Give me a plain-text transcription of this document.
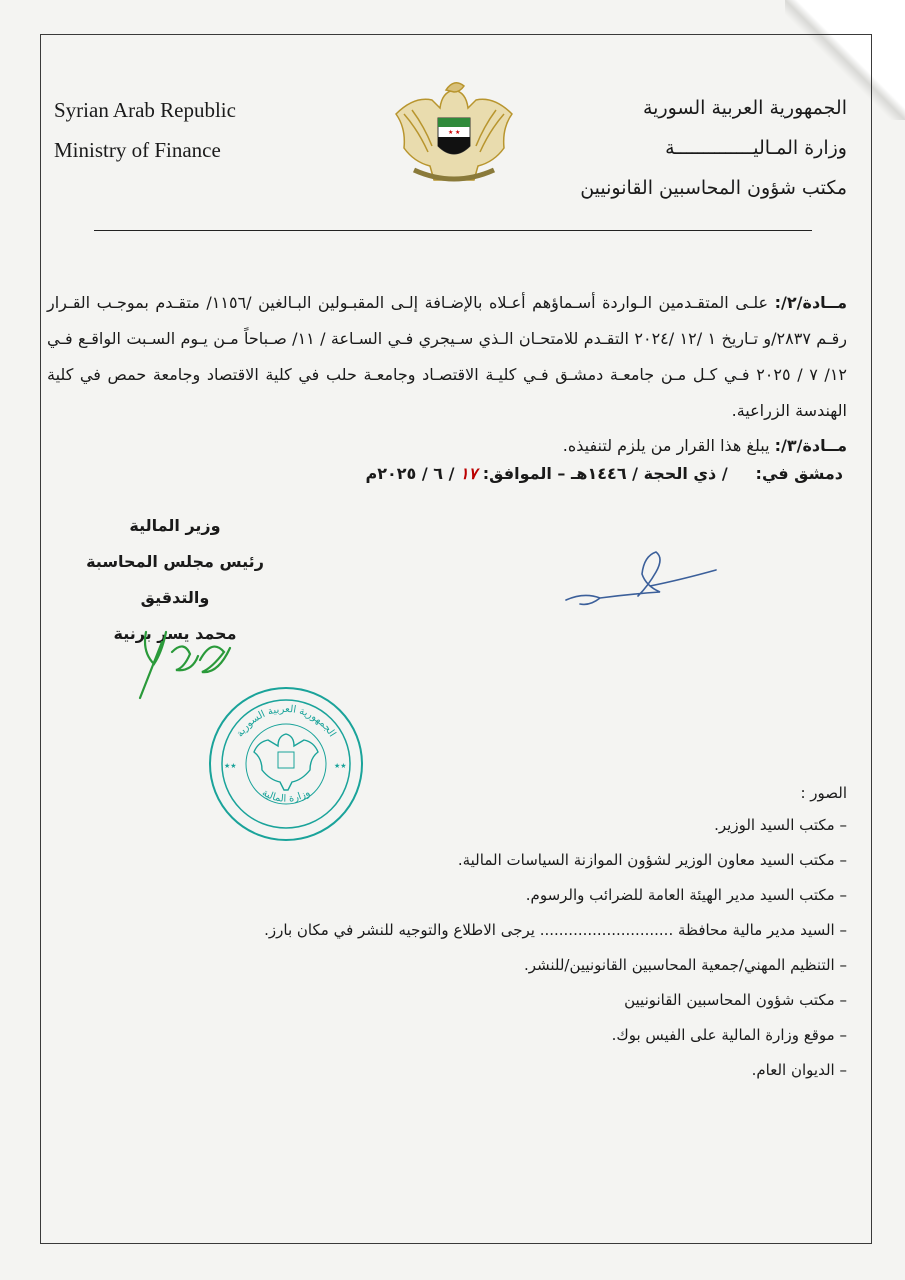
Syrian Arab Republic
Ministry of Finance
★ ★
الجمهورية العربية السورية
وزارة المـاليــــــــــــــة
مكتب شؤون المحاسبين القانونيين
مــادة/٢/: علـى المتقـدمين الـواردة أسـماؤهم أعـلاه بالإضـافة إلـى المقبـولين البـالغين /١١٥٦/ متقـدم بموجـب القـرار رقـم ٢٨٣٧/و تـاريخ ١ /١٢ /٢٠٢٤ التقـدم للامتحـان الـذي سـيجري فـي السـاعة / ١١/ صـباحاً مـن يـوم السـبت الواقـع فـي ١٢/ ٧ / ٢٠٢٥ فـي كـل مـن جامعـة دمشـق فـي كليـة الاقتصـاد وجامعـة حلب في كلية الاقتصاد وجامعة حمص في كلية الهندسة الزراعية.
مــادة/٣/: يبلغ هذا القرار من يلزم لتنفيذه.
دمشق في:     / ذي الحجة / ١٤٤٦هـ – الموافق: ١٧ / ٦ / ٢٠٢٥م
وزير المالية
رئيس مجلس المحاسبة والتدقيق
محمد يسر برنية
الجمهورية العربية السورية
وزارة المالية
★★	★★
الصور :
– مكتب السيد الوزير.
– مكتب السيد معاون الوزير لشؤون الموازنة السياسات المالية.
– مكتب السيد مدير الهيئة العامة للضرائب والرسوم.
– السيد مدير مالية محافظة ............................ يرجى الاطلاع والتوجيه للنشر في مكان بارز.
– التنظيم المهني/جمعية المحاسبين القانونيين/للنشر.
– مكتب شؤون المحاسبين القانونيين
– موقع وزارة المالية على الفيس بوك.
– الديوان العام.
